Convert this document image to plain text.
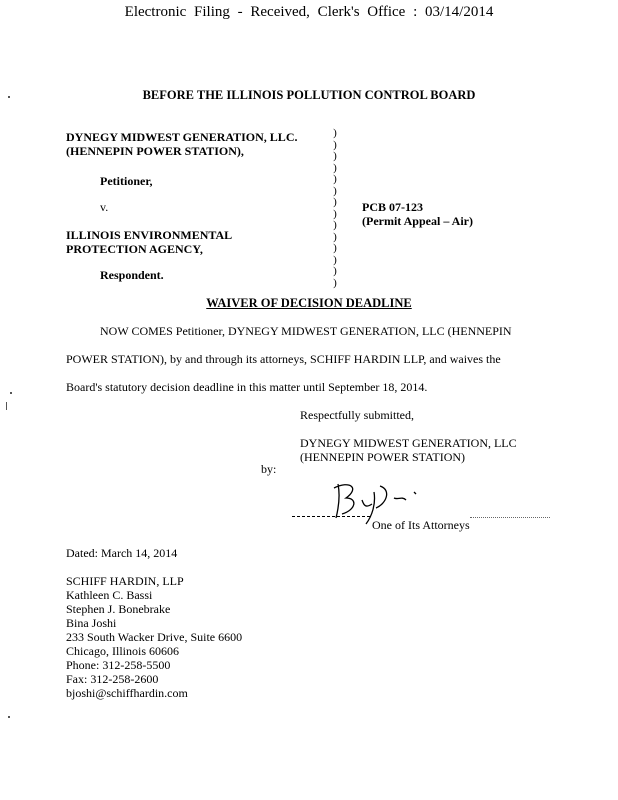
Electronic Filing - Received, Clerk's Office : 03/14/2014
BEFORE THE ILLINOIS POLLUTION CONTROL BOARD
DYNEGY MIDWEST GENERATION, LLC.
(HENNEPIN POWER STATION),
Petitioner,
v.
ILLINOIS ENVIRONMENTAL
PROTECTION AGENCY,
Respondent.
)
)
)
)
)
)
)
)
)
)
)
)
)
)
PCB 07-123
(Permit Appeal – Air)
WAIVER OF DECISION DEADLINE
NOW COMES Petitioner, DYNEGY MIDWEST GENERATION, LLC (HENNEPIN
POWER STATION), by and through its attorneys, SCHIFF HARDIN LLP, and waives the
Board's statutory decision deadline in this matter until September 18, 2014.
Respectfully submitted,
DYNEGY MIDWEST GENERATION, LLC
(HENNEPIN POWER STATION)
by:
One of Its Attorneys
Dated: March 14, 2014
SCHIFF HARDIN, LLP
Kathleen C. Bassi
Stephen J. Bonebrake
Bina Joshi
233 South Wacker Drive, Suite 6600
Chicago, Illinois 60606
Phone: 312-258-5500
Fax: 312-258-2600
bjoshi@schiffhardin.com
